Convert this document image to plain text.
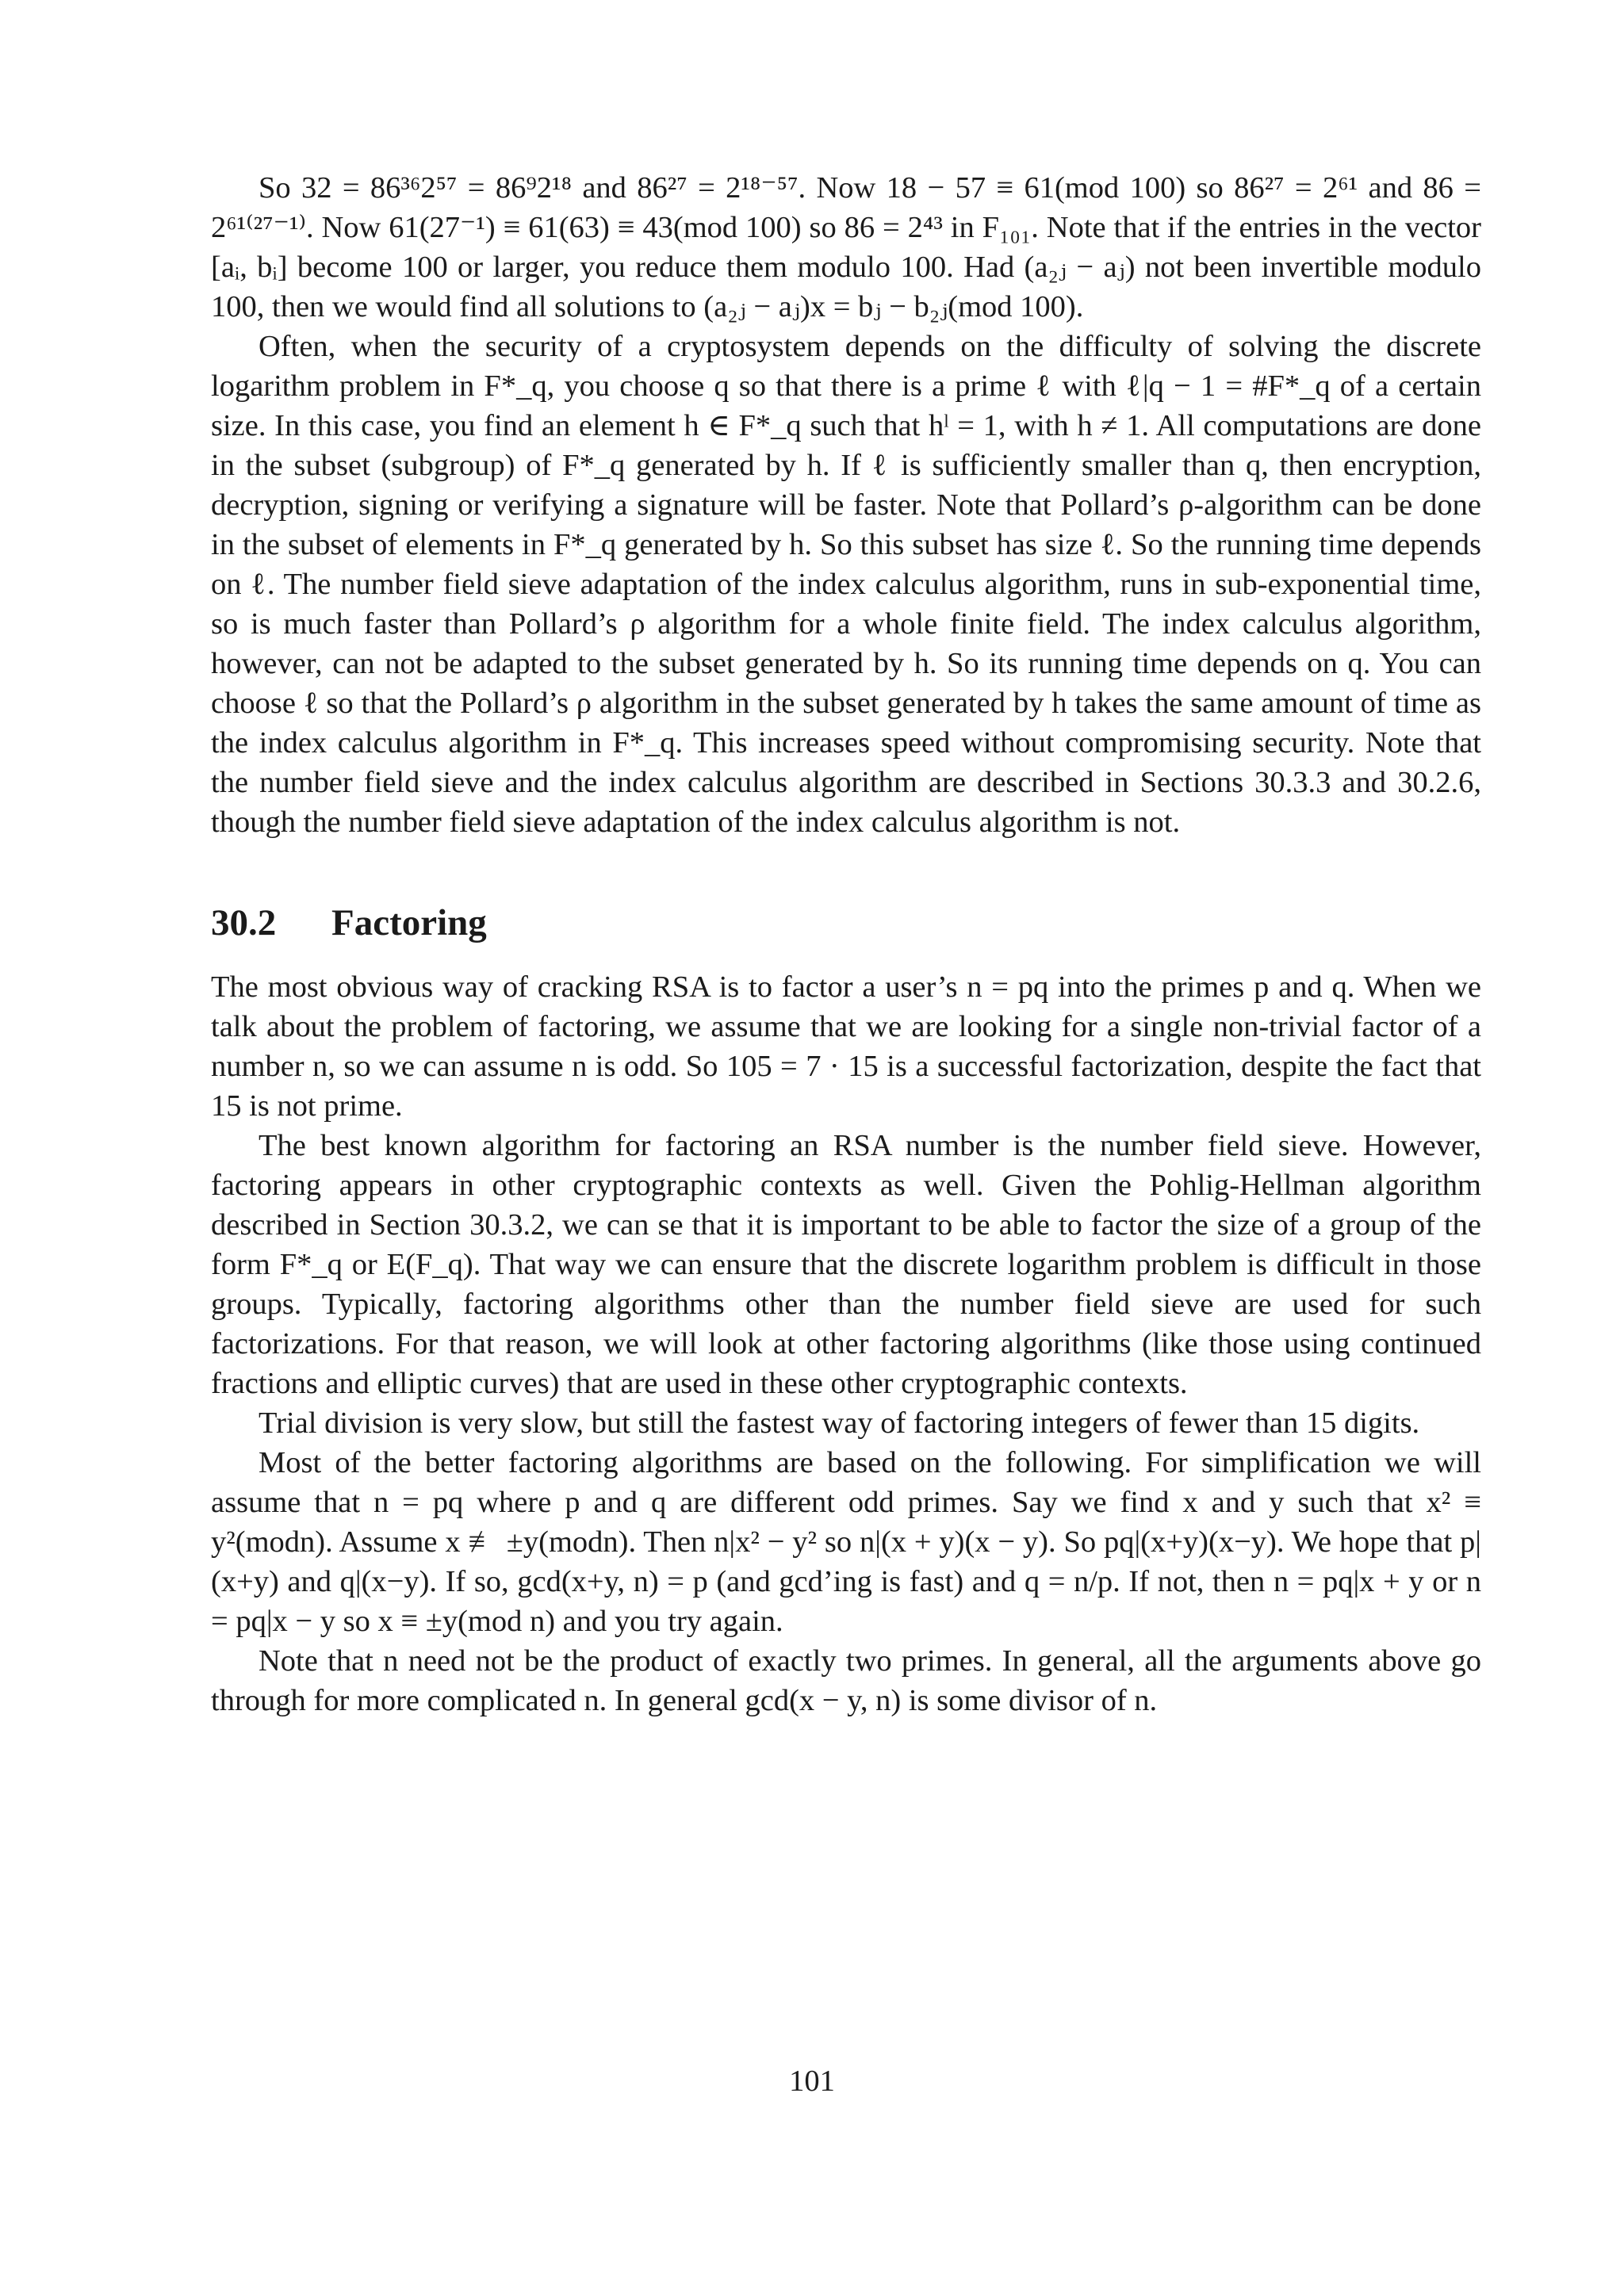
So 32 = 86³⁶2⁵⁷ = 86⁹2¹⁸ and 86²⁷ = 2¹⁸⁻⁵⁷. Now 18 − 57 ≡ 61(mod 100) so 86²⁷ = 2⁶¹ and 86 = 2⁶¹⁽²⁷⁻¹⁾. Now 61(27⁻¹) ≡ 61(63) ≡ 43(mod 100) so 86 = 2⁴³ in F₁₀₁. Note that if the entries in the vector [aᵢ, bᵢ] become 100 or larger, you reduce them modulo 100. Had (a₂ⱼ − aⱼ) not been invertible modulo 100, then we would find all solutions to (a₂ⱼ − aⱼ)x = bⱼ − b₂ⱼ(mod 100).

Often, when the security of a cryptosystem depends on the difficulty of solving the discrete logarithm problem in F*_q, you choose q so that there is a prime ℓ with ℓ|q − 1 = #F*_q of a certain size. In this case, you find an element h ∈ F*_q such that hˡ = 1, with h ≠ 1. All computations are done in the subset (subgroup) of F*_q generated by h. If ℓ is sufficiently smaller than q, then encryption, decryption, signing or verifying a signature will be faster. Note that Pollard’s ρ-algorithm can be done in the subset of elements in F*_q generated by h. So this subset has size ℓ. So the running time depends on ℓ. The number field sieve adaptation of the index calculus algorithm, runs in sub-exponential time, so is much faster than Pollard’s ρ algorithm for a whole finite field. The index calculus algorithm, however, can not be adapted to the subset generated by h. So its running time depends on q. You can choose ℓ so that the Pollard’s ρ algorithm in the subset generated by h takes the same amount of time as the index calculus algorithm in F*_q. This increases speed without compromising security. Note that the number field sieve and the index calculus algorithm are described in Sections 30.3.3 and 30.2.6, though the number field sieve adaptation of the index calculus algorithm is not.

30.2 Factoring

The most obvious way of cracking RSA is to factor a user’s n = pq into the primes p and q. When we talk about the problem of factoring, we assume that we are looking for a single non-trivial factor of a number n, so we can assume n is odd. So 105 = 7 · 15 is a successful factorization, despite the fact that 15 is not prime.

The best known algorithm for factoring an RSA number is the number field sieve. However, factoring appears in other cryptographic contexts as well. Given the Pohlig-Hellman algorithm described in Section 30.3.2, we can se that it is important to be able to factor the size of a group of the form F*_q or E(F_q). That way we can ensure that the discrete logarithm problem is difficult in those groups. Typically, factoring algorithms other than the number field sieve are used for such factorizations. For that reason, we will look at other factoring algorithms (like those using continued fractions and elliptic curves) that are used in these other cryptographic contexts.

Trial division is very slow, but still the fastest way of factoring integers of fewer than 15 digits.

Most of the better factoring algorithms are based on the following. For simplification we will assume that n = pq where p and q are different odd primes. Say we find x and y such that x² ≡ y²(modn). Assume x ≢ ±y(modn). Then n|x² − y² so n|(x + y)(x − y). So pq|(x+y)(x−y). We hope that p|(x+y) and q|(x−y). If so, gcd(x+y, n) = p (and gcd’ing is fast) and q = n/p. If not, then n = pq|x + y or n = pq|x − y so x ≡ ±y(mod n) and you try again.

Note that n need not be the product of exactly two primes. In general, all the arguments above go through for more complicated n. In general gcd(x − y, n) is some divisor of n.

101
